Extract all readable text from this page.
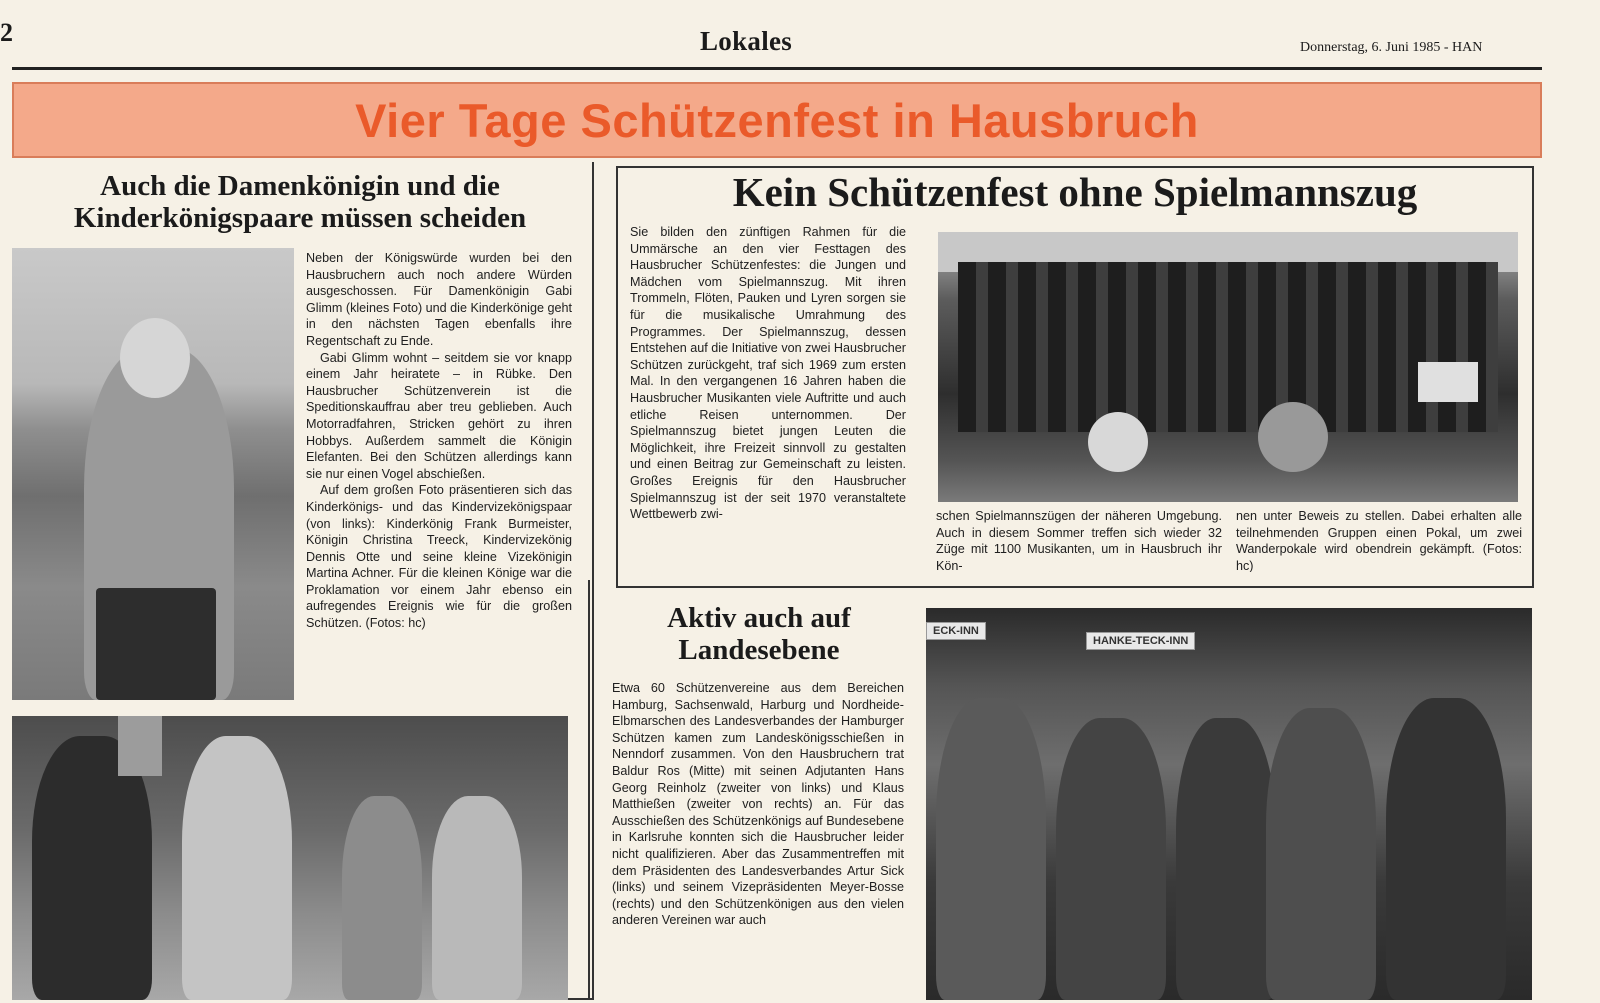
2	Lokales	Donnerstag, 6. Juni 1985 - HAN
Vier Tage Schützenfest in Hausbruch
Auch die Damenkönigin und die Kinderkönigspaare müssen scheiden

Neben der Königswürde wurden bei den Hausbruchern auch noch andere Würden ausgeschossen. Für Damenkönigin Gabi Glimm (kleines Foto) und die Kinderkönige geht in den nächsten Tagen ebenfalls ihre Regentschaft zu Ende.

Gabi Glimm wohnt – seitdem sie vor knapp einem Jahr heiratete – in Rübke. Den Hausbrucher Schützenverein ist die Speditionskauffrau aber treu geblieben. Auch Motorradfahren, Stricken gehört zu ihren Hobbys. Außerdem sammelt die Königin Elefanten. Bei den Schützen allerdings kann sie nur einen Vogel abschießen.

Auf dem großen Foto präsentieren sich das Kinderkönigs- und das Kindervizekönigspaar (von links): Kinderkönig Frank Burmeister, Königin Christina Treeck, Kindervizekönig Dennis Otte und seine kleine Vizekönigin Martina Achner. Für die kleinen Könige war die Proklamation vor einem Jahr ebenso ein aufregendes Ereignis wie für die großen Schützen. (Fotos: hc)

Kein Schützenfest ohne Spielmannszug

Sie bilden den zünftigen Rahmen für die Ummärsche an den vier Festtagen des Hausbrucher Schützenfestes: die Jungen und Mädchen vom Spielmannszug. Mit ihren Trommeln, Flöten, Pauken und Lyren sorgen sie für die musikalische Umrahmung des Programmes. Der Spielmannszug, dessen Entstehen auf die Initiative von zwei Hausbrucher Schützen zurückgeht, traf sich 1969 zum ersten Mal. In den vergangenen 16 Jahren haben die Hausbrucher Musikanten viele Auftritte und auch etliche Reisen unternommen. Der Spielmannszug bietet jungen Leuten die Möglichkeit, ihre Freizeit sinnvoll zu gestalten und einen Beitrag zur Gemeinschaft zu leisten. Großes Ereignis für den Hausbrucher Spielmannszug ist der seit 1970 veranstaltete Wettbewerb zwi-	schen Spielmannszügen der näheren Umgebung. Auch in diesem Sommer treffen sich wieder 32 Züge mit 1100 Musikanten, um in Hausbruch ihr Kön-
nen unter Beweis zu stellen. Dabei erhalten alle teilnehmenden Gruppen einen Pokal, um zwei Wanderpokale wird obendrein gekämpft. (Fotos: hc)
Aktiv auch auf Landesebene

Etwa 60 Schützenvereine aus dem Bereichen Hamburg, Sachsenwald, Harburg und Nordheide-Elbmarschen des Landesverbandes der Hamburger Schützen kamen zum Landeskönigsschießen in Nenndorf zusammen. Von den Hausbruchern trat Baldur Ros (Mitte) mit seinen Adjutanten Hans Georg Reinholz (zweiter von links) und Klaus Matthießen (zweiter von rechts) an. Für das Ausschießen des Schützenkönigs auf Bundesebene in Karlsruhe konnten sich die Hausbrucher leider nicht qualifizieren. Aber das Zusammentreffen mit dem Präsidenten des Landesverbandes Artur Sick (links) und seinem Vizepräsidenten Meyer-Bosse (rechts) und den Schützenkönigen aus den vielen anderen Vereinen war auch

ECK-INN
HANKE-TECK-INN
